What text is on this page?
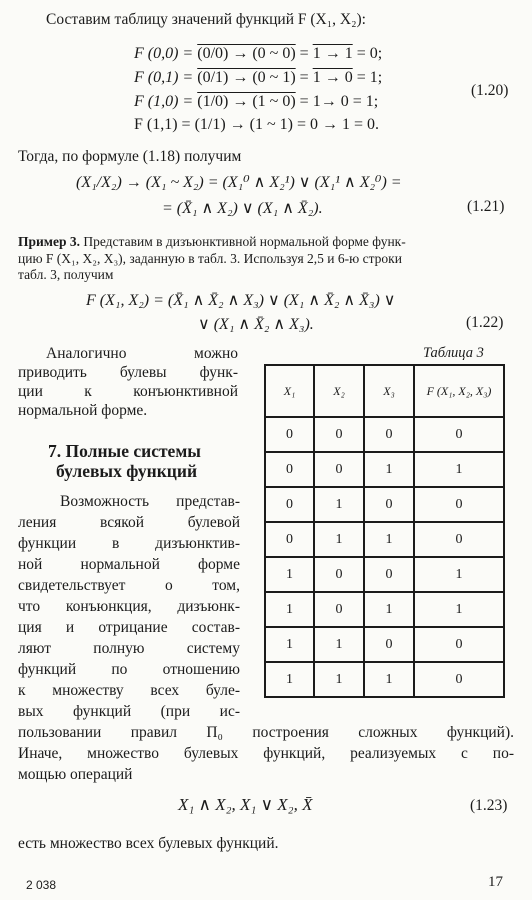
Составим таблицу значений функций F (X₁, X₂):
F (0,0) = (0/0) → (0 ~ 0) = 1 → 1 = 0;
F (0,1) = (0/1) → (0 ~ 1) = 1 → 0 = 1;
F (1,0) = (1/0) → (1 ~ 0) = 1→ 0 = 1;
F (1,1) = (1/1) → (1 ~ 1) = 0 → 1 = 0.
(1.20)
Тогда, по формуле (1.18) получим
(X₁/X₂) → (X₁ ~ X₂) = (X₁⁰ ∧ X₂¹) ∨ (X₁¹ ∧ X₂⁰) =
= (X̄₁ ∧ X₂) ∨ (X₁ ∧ X̄₂).	(1.21)
Пример 3. Представим в дизъюнктивной нормальной форме функ-
цию F (X₁, X₂, X₃), заданную в табл. 3. Используя 2,5 и 6-ю строки
табл. 3, получим
F (X₁, X₂) = (X̄₁ ∧ X̄₂ ∧ X₃) ∨ (X₁ ∧ X̄₂ ∧ X̄₃) ∨
∨ (X₁ ∧ X̄₂ ∧ X₃).	(1.22)
Аналогично можно
приводить булевы функ-
ции к конъюнктивной
нормальной форме.
7. Полные системы
булевых функций
Возможность представ-
ления всякой булевой
функции в дизъюнктив-
ной нормальной форме
свидетельствует о том,
что конъюнкция, дизъюнк-
ция и отрицание состав-
ляют полную систему
функций по отношению
к множеству всех буле-
вых функций (при ис-
пользовании правил П₀ построения сложных функций).
Иначе, множество булевых функций, реализуемых с по-
мощью операций
X₁ ∧ X₂, X₁ ∨ X₂, X̄	(1.23)
есть множество всех булевых функций.
2 038	17
Таблица 3
X₁	X₂	X₃	F (X₁, X₂, X₃)
0	0	0	0
0	0	1	1
0	1	0	0
0	1	1	0
1	0	0	1
1	0	1	1
1	1	0	0
1	1	1	0
